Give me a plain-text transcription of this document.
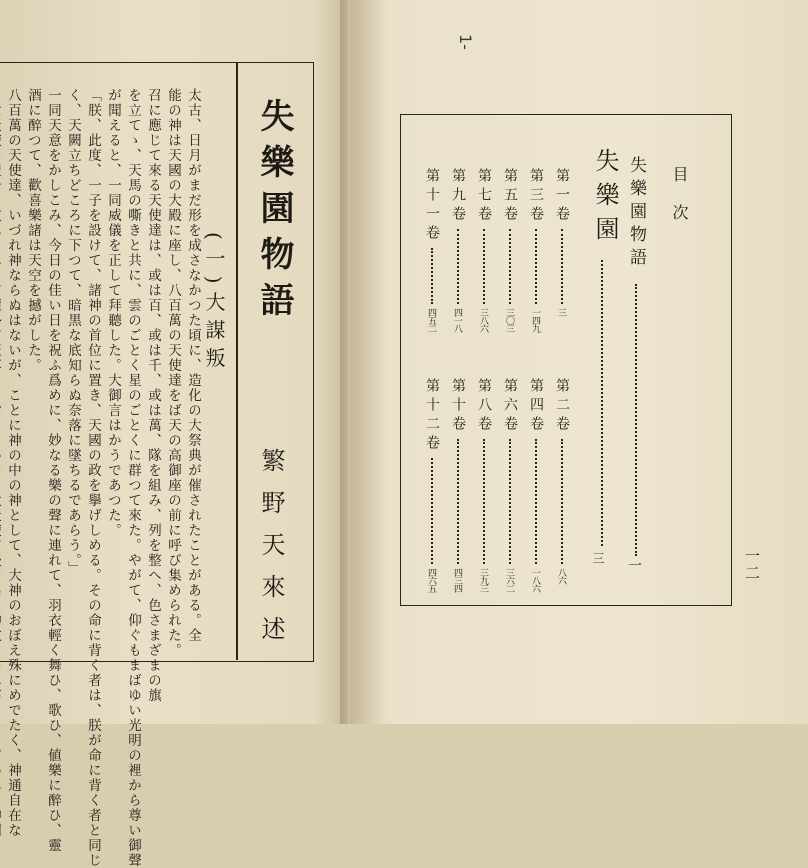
失樂園物語
(一)大謀叛
繁野天來述
太古、日月がまだ形を成さなかつた頃に、造化の大祭典が催されたことがある。全
能の神は天國の大殿に座し、八百萬の天使達をば天の高御座の前に呼び集められた。
召に應じて來る天使達は、或は百、或は千、或は萬、隊を組み、列を整へ、色さまざまの旗
を立てゝ、天馬の嘶きと共に、雲のごとく星のごとくに群つて來た。やがて、仰ぐもまばゆい光明の裡から尊い御聲
が聞えると、一同威儀を正して拜聽した。大御言はかうであつた。
「朕、此度、一子を設けて、諸神の首位に置き、天國の政を擧げしめる。その命に背く者は、朕が命に背く者と同じ
く、天闕立ちどころに下つて、暗黒な底知らぬ奈落に墜ちるであらう。」
一同天意をかしこみ、今日の佳い日を祝ふ爲めに、妙なる樂の聲に連れて、羽衣輕く舞ひ、歌ひ、値樂に醉ひ、靈
酒に醉つて、歡喜樂諸は天空を撼がした。
八百萬の天使達、いづれ神ならぬはないが、ことに神の中の神として、大神のおぼえ殊にめでたく、神通自在な
1-
目次
失樂園物語
一
失樂園
三
第一卷
三
第三卷
一四九
第五卷
三〇三
第七卷
三八六
第九卷
四一八
第十一卷
四五二
第二卷
八六
第四卷
一八六
第六卷
三六二
第八卷
三九三
第十卷
四三四
第十二卷
四六五	一二
